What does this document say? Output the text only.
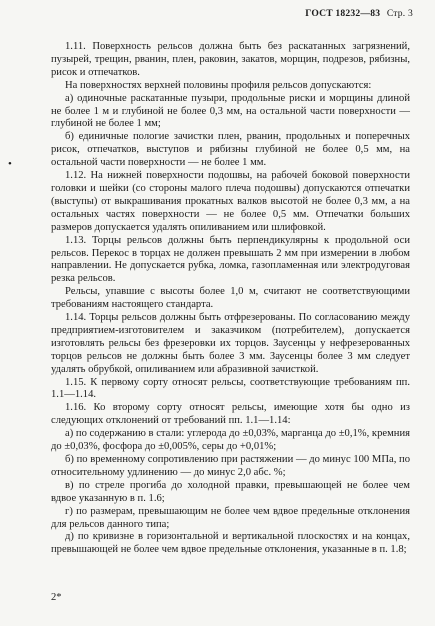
ГОСТ 18232—83 Стр. 3
•

1.11. Поверхность рельсов должна быть без раскатанных загрязнений, пузырей, трещин, рванин, плен, раковин, закатов, морщин, подрезов, рябизны, рисок и отпечатков.

На поверхностях верхней половины профиля рельсов допускаются:

а) одиночные раскатанные пузыри, продольные риски и морщины длиной не более 1 м и глубиной не более 0,3 мм, на остальной части поверхности — глубиной не более 1 мм;

б) единичные пологие зачистки плен, рванин, продольных и поперечных рисок, отпечатков, выступов и рябизны глубиной не более 0,5 мм, на остальной части поверхности — не более 1 мм.

1.12. На нижней поверхности подошвы, на рабочей боковой поверхности головки и шейки (со стороны малого плеча подошвы) допускаются отпечатки (выступы) от выкрашивания прокатных валков высотой не более 0,3 мм, а на остальных частях поверхности — не более 0,5 мм. Отпечатки больших размеров допускается удалять опиливанием или шлифовкой.

1.13. Торцы рельсов должны быть перпендикулярны к продольной оси рельсов. Перекос в торцах не должен превышать 2 мм при измерении в любом направлении. Не допускается рубка, ломка, газопламенная или электродуговая резка рельсов.

Рельсы, упавшие с высоты более 1,0 м, считают не соответствующими требованиям настоящего стандарта.

1.14. Торцы рельсов должны быть отфрезерованы. По согласованию между предприятием-изготовителем и заказчиком (потребителем), допускается изготовлять рельсы без фрезеровки их торцов. Заусенцы у нефрезерованных торцов рельсов не должны быть более 3 мм. Заусенцы более 3 мм следует удалять обрубкой, опиливанием или абразивной зачисткой.

1.15. К первому сорту относят рельсы, соответствующие требованиям пп. 1.1—1.14.

1.16. Ко второму сорту относят рельсы, имеющие хотя бы одно из следующих отклонений от требований пп. 1.1—1.14:

а) по содержанию в стали: углерода до ±0,03%, марганца до ±0,1%, кремния до ±0,03%, фосфора до ±0,005%, серы до +0,01%;

б) по временному сопротивлению при растяжении — до минус 100 МПа, по относительному удлинению — до минус 2,0 абс. %;

в) по стреле прогиба до холодной правки, превышающей не более чем вдвое указанную в п. 1.6;

г) по размерам, превышающим не более чем вдвое предельные отклонения для рельсов данного типа;

д) по кривизне в горизонтальной и вертикальной плоскостях и на концах, превышающей не более чем вдвое предельные отклонения, указанные в п. 1.8;

2*
